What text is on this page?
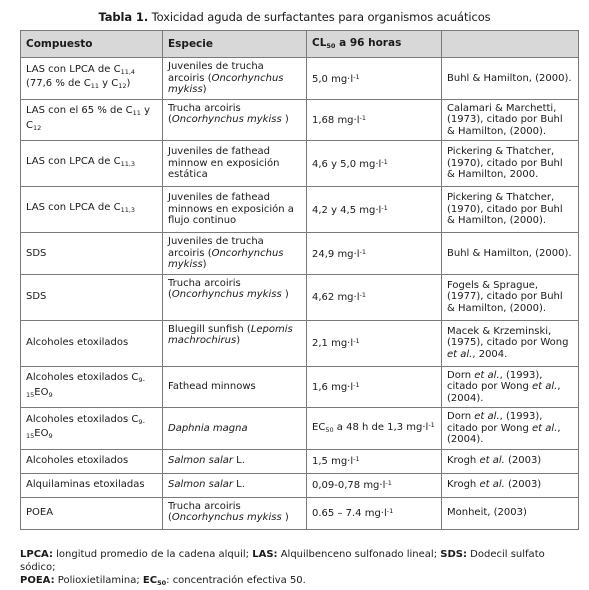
Tabla 1. Toxicidad aguda de surfactantes para organismos acuáticos
Compuesto	Especie	$CL_{50}$ a 96 horas	
LAS con LPCA de $C_{11,4}$ (77,6 % de $C_{11}$ y $C_{12}$)	Juveniles de trucha arcoiris (Oncorhynchus mykiss)	5,0 $mg\cdot l^{-1}$	Buhl & Hamilton, (2000).
LAS con el 65 % de $C_{11}$ y $C_{12}$	Trucha arcoiris (Oncorhynchus mykiss )	1,68 $mg\cdot l^{-1}$	Calamari & Marchetti, (1973), citado por Buhl & Hamilton, (2000).
LAS con LPCA de $C_{11,3}$	Juveniles de fathead minnow en exposición estática	4,6 y 5,0 $mg\cdot l^{-1}$	Pickering & Thatcher, (1970), citado por Buhl & Hamilton, 2000.
LAS con LPCA de $C_{11,3}$	Juveniles de fathead minnows en exposición a flujo continuo	4,2 y 4,5 $mg\cdot l^{-1}$	Pickering & Thatcher, (1970), citado por Buhl & Hamilton, (2000).
SDS	Juveniles de trucha arcoiris (Oncorhynchus mykiss)	24,9 $mg\cdot l^{-1}$	Buhl & Hamilton, (2000).
SDS	Trucha arcoiris (Oncorhynchus mykiss )	4,62 $mg\cdot l^{-1}$	Fogels & Sprague, (1977), citado por Buhl & Hamilton, (2000).
Alcoholes etoxilados	Bluegill sunfish (Lepomis machrochirus)	2,1 $mg\cdot l^{-1}$	Macek & Krzeminski, (1975), citado por Wong et al., 2004.
Alcoholes etoxilados $C_{9-15}EO_9$	Fathead minnows	1,6 $mg\cdot l^{-1}$	Dorn et al., (1993), citado por Wong et al., (2004).
Alcoholes etoxilados $C_{9-15}EO_9$	Daphnia magna	$EC_{50}$ a 48 h de 1,3 $mg\cdot l^{-1}$	Dorn et al., (1993), citado por Wong et al., (2004).
Alcoholes etoxilados	Salmon salar L.	1,5 $mg\cdot l^{-1}$	Krogh et al. (2003)
Alquilaminas etoxiladas	Salmon salar L.	0,09-0,78 $mg\cdot l^{-1}$	Krogh et al. (2003)
POEA	Trucha arcoiris (Oncorhynchus mykiss )	0.65 – 7.4 $mg\cdot l^{-1}$	Monheit, (2003)
LPCA: longitud promedio de la cadena alquil; LAS: Alquilbenceno sulfonado lineal; SDS: Dodecil sulfato sódico;
POEA: Polioxietilamina; $EC_{50}$: concentración efectiva 50.
